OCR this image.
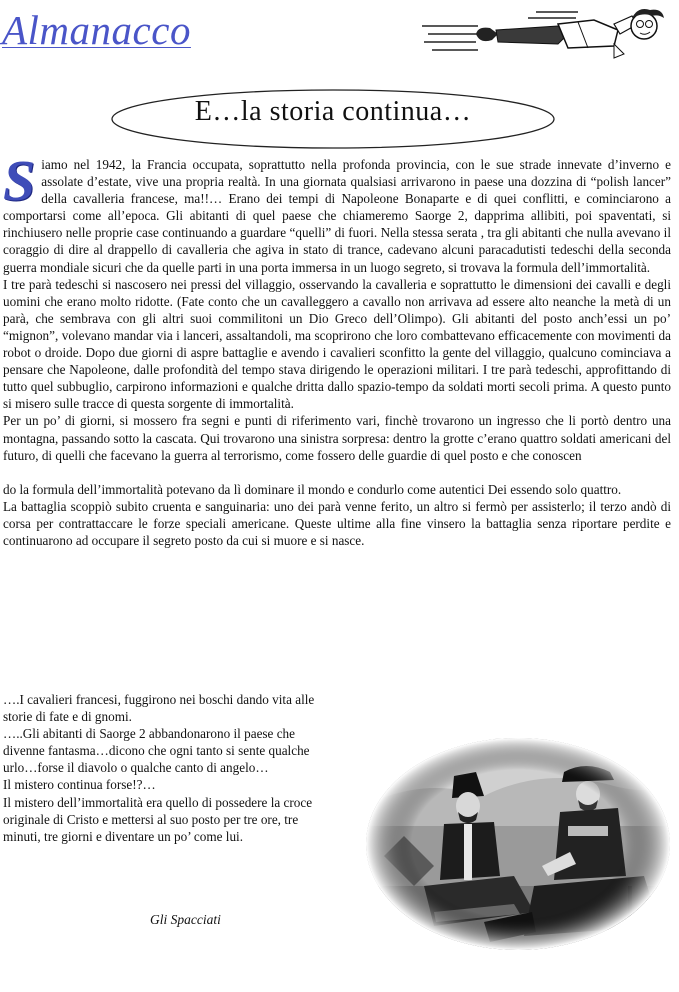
Almanacco
E…la storia continua…

S iamo nel 1942, la Francia occupata, soprattutto nella profonda provincia, con le sue strade innevate d’inverno e assolate d’estate, vive una propria realtà. In una giornata qualsiasi arrivarono in paese una dozzina di “polish lancer” della cavalleria francese, ma!!… Erano dei tempi di Napoleone Bonaparte e di quei conflitti, e cominciarono a comportarsi come all’epoca. Gli abitanti di quel paese che chiameremo Saorge 2, dapprima allibiti, poi spaventati, si rinchiusero nelle proprie case continuando a guardare “quelli” di fuori. Nella stessa serata , tra gli abitanti che nulla avevano il coraggio di dire al drappello di cavalleria che agiva in stato di trance, cadevano alcuni paracadutisti tedeschi della seconda guerra mondiale sicuri che da quelle parti in una porta immersa in un luogo segreto, si trovava la formula dell’immortalità.

I tre parà tedeschi si nascosero nei pressi del villaggio, osservando la cavalleria e soprattutto le dimensioni dei cavalli e degli uomini che erano molto ridotte. (Fate conto che un cavalleggero a cavallo non arrivava ad essere alto neanche la metà di un parà, che sembrava con gli altri suoi commilitoni un Dio Greco dell’Olimpo). Gli abitanti del posto anch’essi un po’ “mignon”, volevano mandar via i lanceri, assaltandoli, ma scoprirono che loro combattevano efficacemente con movimenti da robot o droide. Dopo due giorni di aspre battaglie e avendo i cavalieri sconfitto la gente del villaggio, qualcuno cominciava a pensare che Napoleone, dalle profondità del tempo stava dirigendo le operazioni militari. I tre parà tedeschi, approfittando di tutto quel subbuglio, carpirono informazioni e qualche dritta dallo spazio-tempo da soldati morti secoli prima. A questo punto si misero sulle tracce di questa sorgente di immortalità.

Per un po’ di giorni, si mossero fra segni e punti di riferimento vari, finchè trovarono un ingresso che li portò dentro una montagna, passando sotto la cascata. Qui trovarono una sinistra sorpresa: dentro la grotte c’erano quattro soldati americani del futuro, di quelli che facevano la guerra al terrorismo, come fossero delle guardie di quel posto e che conoscen

do la formula dell’immortalità potevano da lì dominare il mondo e condurlo come autentici Dei essendo solo quattro.

La battaglia scoppiò subito cruenta e sanguinaria: uno dei parà venne ferito, un altro si fermò per assisterlo; il terzo andò di corsa per contrattaccare le forze speciali americane. Queste ultime alla fine vinsero la battaglia senza riportare perdite e continuarono ad occupare il segreto posto da cui si muore e si nasce.

….I cavalieri francesi, fuggirono nei boschi dando vita alle storie di fate e di gnomi.

…..Gli abitanti di Saorge 2 abbandonarono il paese che divenne fantasma…dicono che ogni tanto si sente qualche urlo…forse il diavolo o qualche canto di angelo…

Il mistero continua forse!?…

Il mistero dell’immortalità era quello di possedere la croce originale di Cristo e mettersi al suo posto per tre ore, tre minuti, tre giorni e diventare un po’ come lui.

Gli Spacciati
